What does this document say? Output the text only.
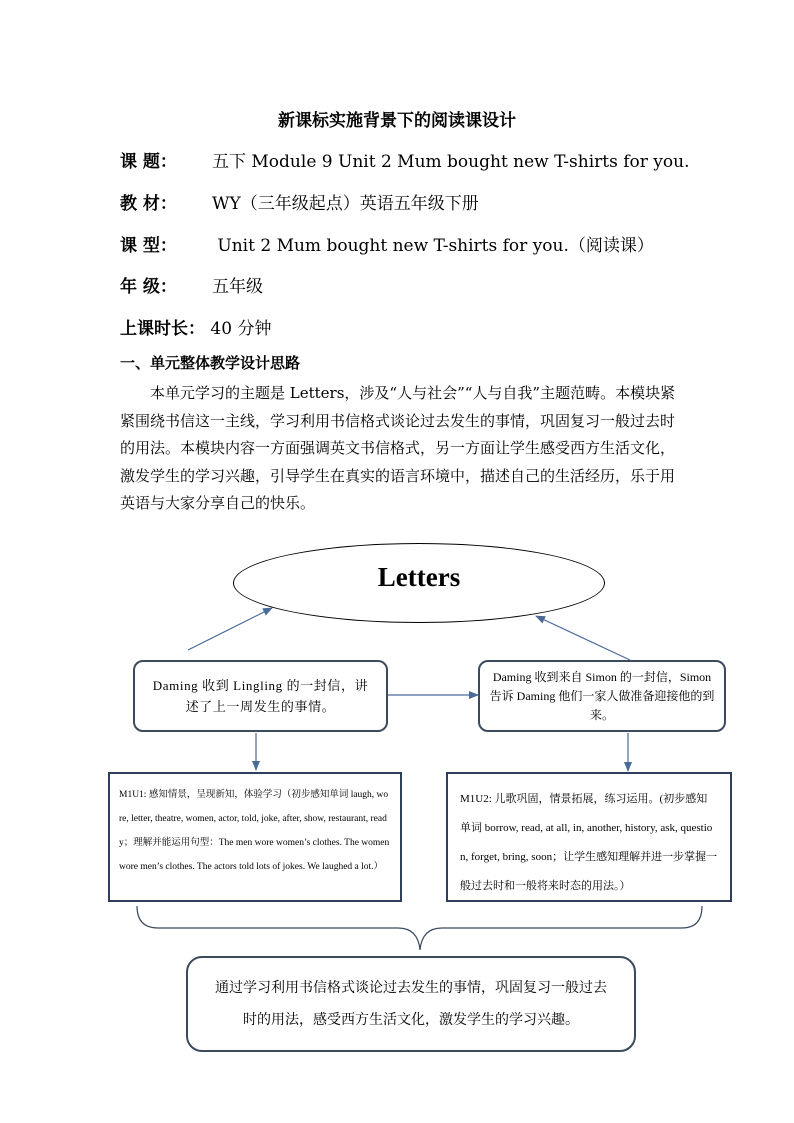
新课标实施背景下的阅读课设计
课 题： 五下 Module 9 Unit 2 Mum bought new T-shirts for you.
教 材： WY（三年级起点）英语五年级下册
课 型： Unit 2 Mum bought new T-shirts for you.（阅读课）
年 级： 五年级
上课时长： 40 分钟
一、单元整体教学设计思路
本单元学习的主题是 Letters，涉及“人与社会”“人与自我”主题范畴。本模块紧紧围绕书信这一主线，学习利用书信格式谈论过去发生的事情，巩固复习一般过去时的用法。本模块内容一方面强调英文书信格式，另一方面让学生感受西方生活文化，激发学生的学习兴趣，引导学生在真实的语言环境中，描述自己的生活经历，乐于用英语与大家分享自己的快乐。
Letters
Daming 收到 Lingling 的一封信，讲述了上一周发生的事情。
Daming 收到来自 Simon 的一封信，Simon 告诉 Daming 他们一家人做准备迎接他的到来。
M1U1: 感知情景，呈现新知，体验学习（初步感知单词 laugh, wore, letter, theatre, women, actor, told, joke, after, show, restaurant, ready；理解并能运用句型：The men wore women’s clothes. The women wore men’s clothes. The actors told lots of jokes. We laughed a lot.）
M1U2: 儿歌巩固，情景拓展，练习运用。(初步感知单词 borrow, read, at all, in, another, history, ask, question, forget, bring, soon；让学生感知理解并进一步掌握一般过去时和一般将来时态的用法。）
通过学习利用书信格式谈论过去发生的事情，巩固复习一般过去时的用法，感受西方生活文化，激发学生的学习兴趣。
